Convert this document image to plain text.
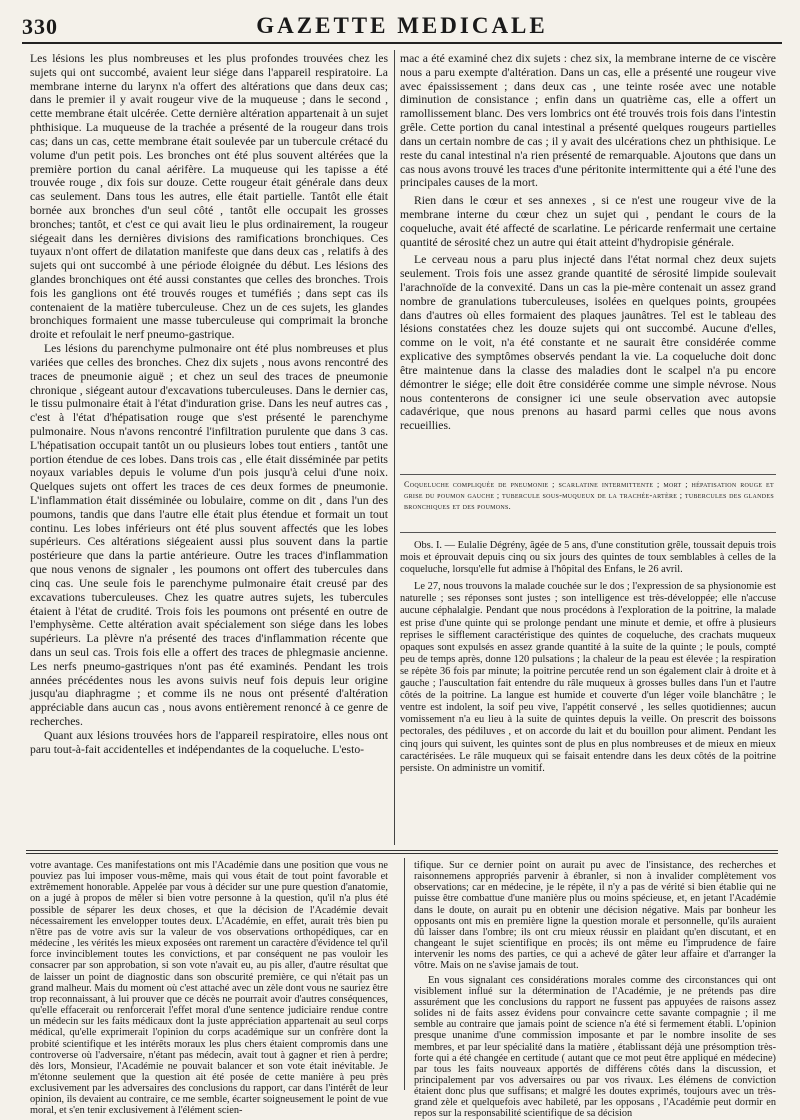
330	GAZETTE MEDICALE

Les lésions les plus nombreuses et les plus profondes trouvées chez les sujets qui ont succombé, avaient leur siége dans l'appareil respiratoire. La membrane interne du larynx n'a offert des altérations que dans deux cas; dans le premier il y avait rougeur vive de la muqueuse ; dans le second , cette membrane était ulcérée. Cette dernière altération appartenait à un sujet phthisique. La muqueuse de la trachée a présenté de la rougeur dans trois cas; dans un cas, cette membrane était soulevée par un tubercule crétacé du volume d'un petit pois. Les bronches ont été plus souvent altérées que la première portion du canal aérifère. La muqueuse qui les tapisse a été trouvée rouge , dix fois sur douze. Cette rougeur était générale dans deux cas seulement. Dans tous les autres, elle était partielle. Tantôt elle était bornée aux bronches d'un seul côté , tantôt elle occupait les grosses bronches; tantôt, et c'est ce qui avait lieu le plus ordinairement, la rougeur siégeait dans les dernières divisions des ramifications bronchiques. Ces tuyaux n'ont offert de dilatation manifeste que dans deux cas , relatifs à des sujets qui ont succombé à une période éloignée du début. Les lésions des glandes bronchiques ont été aussi constantes que celles des bronches. Trois fois les ganglions ont été trouvés rouges et tuméfiés ; dans sept cas ils contenaient de la matière tuberculeuse. Chez un de ces sujets, les glandes bronchiques formaient une masse tuberculeuse qui comprimait la bronche droite et refoulait le nerf pneumo-gastrique.

Les lésions du parenchyme pulmonaire ont été plus nombreuses et plus variées que celles des bronches. Chez dix sujets , nous avons rencontré des traces de pneumonie aiguë ; et chez un seul des traces de pneumonie chronique , siégeant autour d'excavations tuberculeuses. Dans le dernier cas, le tissu pulmonaire était à l'état d'induration grise. Dans les neuf autres cas , c'est à l'état d'hépatisation rouge que s'est présenté le parenchyme pulmonaire. Nous n'avons rencontré l'infiltration purulente que dans 3 cas. L'hépatisation occupait tantôt un ou plusieurs lobes tout entiers , tantôt une portion étendue de ces lobes. Dans trois cas , elle était disséminée par petits noyaux variables depuis le volume d'un pois jusqu'à celui d'une noix. Quelques sujets ont offert les traces de ces deux formes de pneumonie. L'inflammation était disséminée ou lobulaire, comme on dit , dans l'un des poumons, tandis que dans l'autre elle était plus étendue et formait un tout continu. Les lobes inférieurs ont été plus souvent affectés que les lobes supérieurs. Ces altérations siégeaient aussi plus souvent dans la partie postérieure que dans la partie antérieure. Outre les traces d'inflammation que nous venons de signaler , les poumons ont offert des tubercules dans cinq cas. Une seule fois le parenchyme pulmonaire était creusé par des excavations tuberculeuses. Chez les quatre autres sujets, les tubercules étaient à l'état de crudité. Trois fois les poumons ont présenté en outre de l'emphysème. Cette altération avait spécialement son siége dans les lobes supérieurs. La plèvre n'a présenté des traces d'inflammation récente que dans un seul cas. Trois fois elle a offert des traces de phlegmasie ancienne. Les nerfs pneumo-gastriques n'ont pas été examinés. Pendant les trois années précédentes nous les avons suivis neuf fois depuis leur origine jusqu'au diaphragme ; et comme ils ne nous ont présenté d'altération appréciable dans aucun cas , nous avons entièrement renoncé à ce genre de recherches.

Quant aux lésions trouvées hors de l'appareil respiratoire, elles nous ont paru tout-à-fait accidentelles et indépendantes de la coqueluche. L'esto-

mac a été examiné chez dix sujets : chez six, la membrane interne de ce viscère nous a paru exempte d'altération. Dans un cas, elle a présenté une rougeur vive avec épaississement ; dans deux cas , une teinte rosée avec une notable diminution de consistance ; enfin dans un quatrième cas, elle a offert un ramollissement blanc. Des vers lombrics ont été trouvés trois fois dans l'intestin grêle. Cette portion du canal intestinal a présenté quelques rougeurs partielles dans un certain nombre de cas ; il y avait des ulcérations chez un phthisique. Le reste du canal intestinal n'a rien présenté de remarquable. Ajoutons que dans un cas nous avons trouvé les traces d'une péritonite intermittente qui a été l'une des principales causes de la mort.

Rien dans le cœur et ses annexes , si ce n'est une rougeur vive de la membrane interne du cœur chez un sujet qui , pendant le cours de la coqueluche, avait été affecté de scarlatine. Le péricarde renfermait une certaine quantité de sérosité chez un autre qui était atteint d'hydropisie générale.

Le cerveau nous a paru plus injecté dans l'état normal chez deux sujets seulement. Trois fois une assez grande quantité de sérosité limpide soulevait l'arachnoïde de la convexité. Dans un cas la pie-mère contenait un assez grand nombre de granulations tuberculeuses, isolées en quelques points, groupées dans d'autres où elles formaient des plaques jaunâtres. Tel est le tableau des lésions constatées chez les douze sujets qui ont succombé. Aucune d'elles, comme on le voit, n'a été constante et ne saurait être considérée comme explicative des symptômes observés pendant la vie. La coqueluche doit donc être maintenue dans la classe des maladies dont le scalpel n'a pu encore démontrer le siége; elle doit être considérée comme une simple névrose. Nous nous contenterons de consigner ici une seule observation avec autopsie cadavérique, que nous prenons au hasard parmi celles que nous avons recueillies.

Coqueluche compliquée de pneumonie ; scarlatine intermittente ; mort ; hépatisation rouge et grise du poumon gauche ; tubercule sous-muqueux de la trachée-artère ; tubercules des glandes bronchiques et des poumons.

Obs. I. — Eulalie Dégrény, âgée de 5 ans, d'une constitution grêle, toussait depuis trois mois et éprouvait depuis cinq ou six jours des quintes de toux semblables à celles de la coqueluche, lorsqu'elle fut admise à l'hôpital des Enfans, le 26 avril.

Le 27, nous trouvons la malade couchée sur le dos ; l'expression de sa physionomie est naturelle ; ses réponses sont justes ; son intelligence est très-développée; elle n'accuse aucune céphalalgie. Pendant que nous procédons à l'exploration de la poitrine, la malade est prise d'une quinte qui se prolonge pendant une minute et demie, et offre à plusieurs reprises le sifflement caractéristique des quintes de coqueluche, des crachats muqueux opaques sont expulsés en assez grande quantité à la suite de la quinte ; le pouls, compté peu de temps après, donne 120 pulsations ; la chaleur de la peau est élevée ; la respiration se répète 36 fois par minute; la poitrine percutée rend un son également clair à droite et à gauche ; l'auscultation fait entendre du râle muqueux à grosses bulles dans l'un et l'autre côtés de la poitrine. La langue est humide et couverte d'un léger voile blanchâtre ; le ventre est indolent, la soif peu vive, l'appétit conservé , les selles quotidiennes; aucun vomissement n'a eu lieu à la suite de quintes depuis la veille. On prescrit des boissons pectorales, des pédiluves , et on accorde du lait et du bouillon pour aliment. Pendant les cinq jours qui suivent, les quintes sont de plus en plus nombreuses et de mieux en mieux caractérisées. Le râle muqueux qui se faisait entendre dans les deux côtés de la poitrine persiste. On administre un vomitif.

votre avantage. Ces manifestations ont mis l'Académie dans une position que vous ne pouviez pas lui imposer vous-même, mais qui vous était de tout point favorable et extrêmement honorable. Appelée par vous à décider sur une pure question d'anatomie, on a jugé à propos de mêler si bien votre personne à la question, qu'il n'a plus été possible de séparer les deux choses, et que la décision de l'Académie devait nécessairement les envelopper toutes deux. L'Académie, en effet, aurait très bien pu n'être pas de votre avis sur la valeur de vos observations orthopédiques, car en médecine , les vérités les mieux exposées ont rarement un caractère d'évidence tel qu'il force invinciblement toutes les convictions, et par conséquent ne pas vouloir les consacrer par son approbation, si son vote n'avait eu, au pis aller, d'autre résultat que de laisser un point de diagnostic dans son obscurité première, ce qui n'était pas un grand malheur. Mais du moment où c'est attaché avec un zèle dont vous ne sauriez être trop reconnaissant, à lui prouver que ce décès ne pourrait avoir d'autres conséquences, qu'elle effacerait ou renforcerait l'effet moral d'une sentence judiciaire rendue contre un médecin sur les faits médicaux dont la juste appréciation appartenait au seul corps médical, qu'elle exprimerait l'opinion du corps académique sur un confrère dont la probité scientifique et les intérêts moraux les plus chers étaient compromis dans une controverse où l'adversaire, n'étant pas médecin, avait tout à gagner et rien à perdre; dès lors, Monsieur, l'Académie ne pouvait balancer et son vote était inévitable. Je m'étonne seulement que la question ait été posée de cette manière à peu près exclusivement par les adversaires des conclusions du rapport, car dans l'intérêt de leur opinion, ils devaient au contraire, ce me semble, écarter soigneusement le point de vue moral, et s'en tenir exclusivement à l'élément scien-

tifique. Sur ce dernier point on aurait pu avec de l'insistance, des recherches et raisonnemens appropriés parvenir à ébranler, si non à invalider complètement vos observations; car en médecine, je le répète, il n'y a pas de vérité si bien établie qui ne puisse être combattue d'une manière plus ou moins spécieuse, et, en jetant l'Académie dans le doute, on aurait pu en obtenir une décision négative. Mais par bonheur les opposants ont mis en première ligne la question morale et personnelle, qu'ils auraient dû laisser dans l'ombre; ils ont cru mieux réussir en plaidant qu'en discutant, et en changeant le sujet scientifique en procès; ils ont même eu l'imprudence de faire intervenir les noms des parties, ce qui a achevé de gâter leur affaire et d'arranger la vôtre. Mais on ne s'avise jamais de tout.

En vous signalant ces considérations morales comme des circonstances qui ont visiblement influé sur la détermination de l'Académie, je ne prétends pas dire assurément que les conclusions du rapport ne fussent pas appuyées de raisons assez solides ni de faits assez évidens pour convaincre cette savante compagnie ; il me semble au contraire que jamais point de science n'a été si fermement établi. L'opinion presque unanime d'une commission imposante et par le nombre insolite de ses membres, et par leur spécialité dans la matière , établissant déjà une présomption très-forte qui a été changée en certitude ( autant que ce mot peut être appliqué en médecine) par tous les faits nouveaux apportés de différens côtés dans la discussion, et principalement par vos adversaires ou par vos rivaux. Les élémens de conviction étaient donc plus que suffisans; et malgré les doutes exprimés, toujours avec un très-grand zèle et quelquefois avec habileté, par les opposans , l'Académie peut dormir en repos sur la responsabilité scientifique de sa décision
